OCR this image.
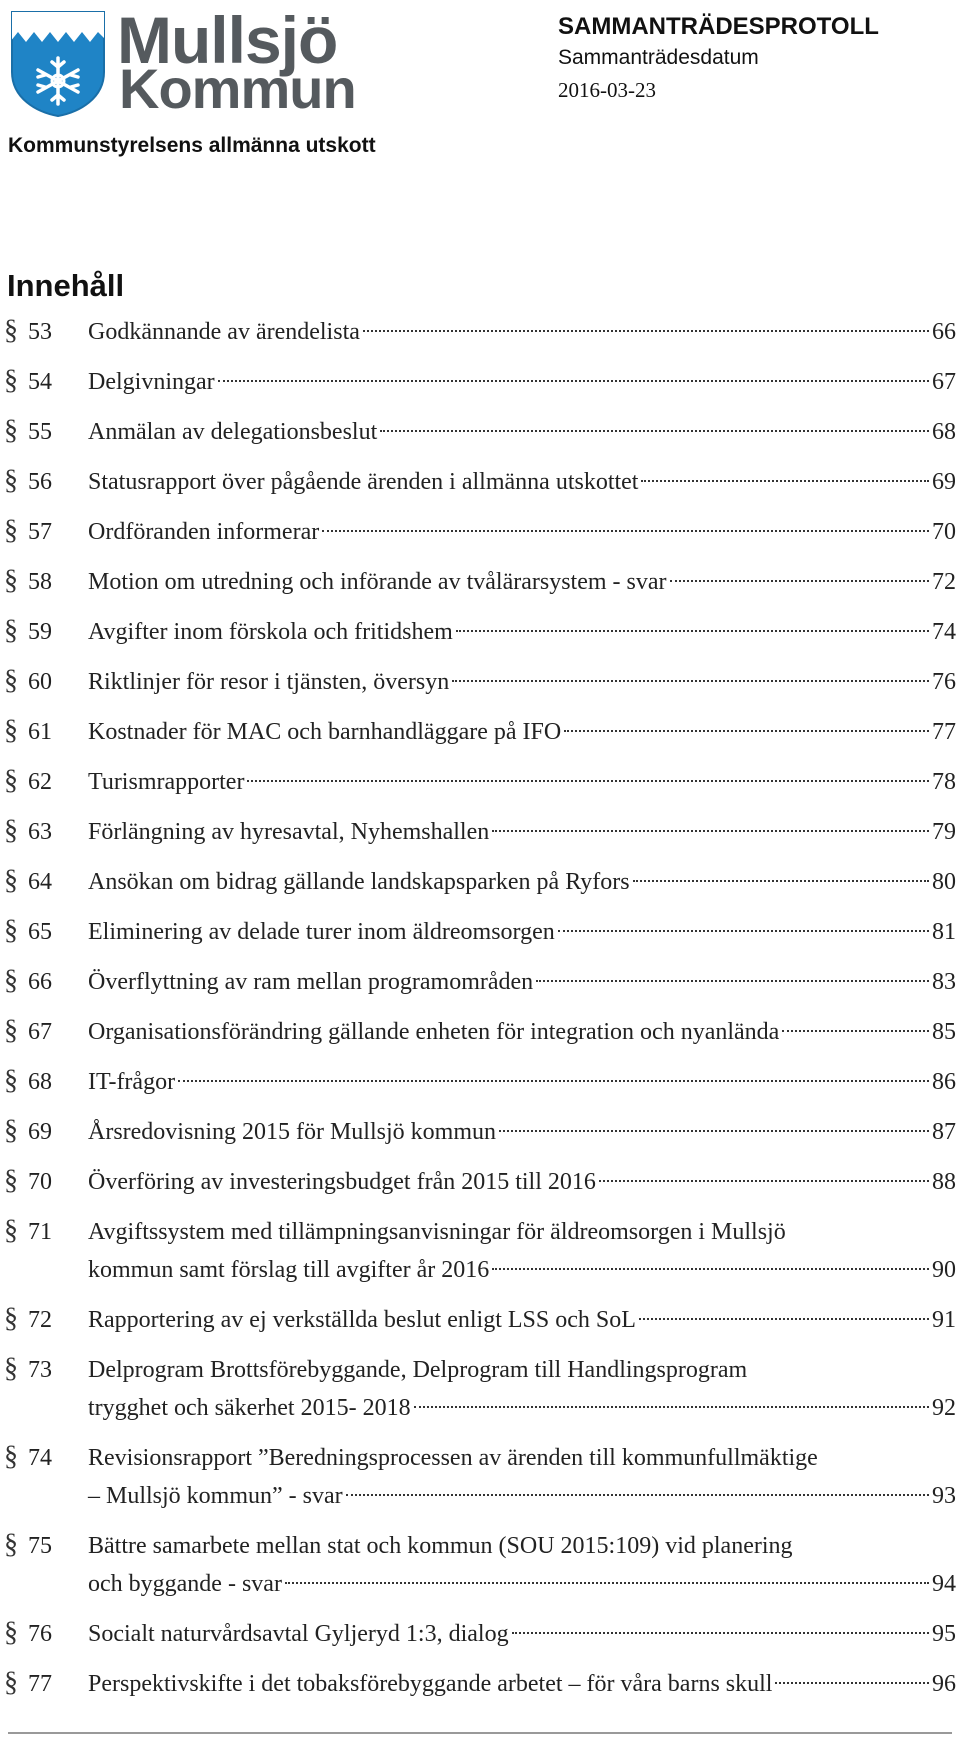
Mullsjö
Kommun
SAMMANTRÄDESPROTOLL
Sammanträdesdatum
2016-03-23
Kommunstyrelsens allmänna utskott
Innehåll
§ 53	Godkännande av ärendelista	66
§ 54	Delgivningar	67
§ 55	Anmälan av delegationsbeslut	68
§ 56	Statusrapport över pågående ärenden i allmänna utskottet	69
§ 57	Ordföranden informerar	70
§ 58	Motion om utredning och införande av tvålärarsystem - svar	72
§ 59	Avgifter inom förskola och fritidshem	74
§ 60	Riktlinjer för resor i tjänsten, översyn	76
§ 61	Kostnader för MAC och barnhandläggare på IFO	77
§ 62	Turismrapporter	78
§ 63	Förlängning av hyresavtal, Nyhemshallen	79
§ 64	Ansökan om bidrag gällande landskapsparken på Ryfors	80
§ 65	Eliminering av delade turer inom äldreomsorgen	81
§ 66	Överflyttning av ram mellan programområden	83
§ 67	Organisationsförändring gällande enheten för integration och nyanlända	85
§ 68	IT-frågor	86
§ 69	Årsredovisning 2015 för Mullsjö kommun	87
§ 70	Överföring av investeringsbudget från 2015 till 2016	88
§ 71	Avgiftssystem med tillämpningsanvisningar för äldreomsorgen i Mullsjö
kommun samt förslag till avgifter år 2016	90
§ 72	Rapportering av ej verkställda beslut enligt LSS och SoL	91
§ 73	Delprogram Brottsförebyggande, Delprogram till Handlingsprogram
trygghet och säkerhet 2015- 2018	92
§ 74	Revisionsrapport ”Beredningsprocessen av ärenden till kommunfullmäktige
– Mullsjö kommun” - svar	93
§ 75	Bättre samarbete mellan stat och kommun (SOU 2015:109) vid planering
och byggande - svar	94
§ 76	Socialt naturvårdsavtal Gyljeryd 1:3, dialog	95
§ 77	Perspektivskifte i det tobaksförebyggande arbetet – för våra barns skull	96
